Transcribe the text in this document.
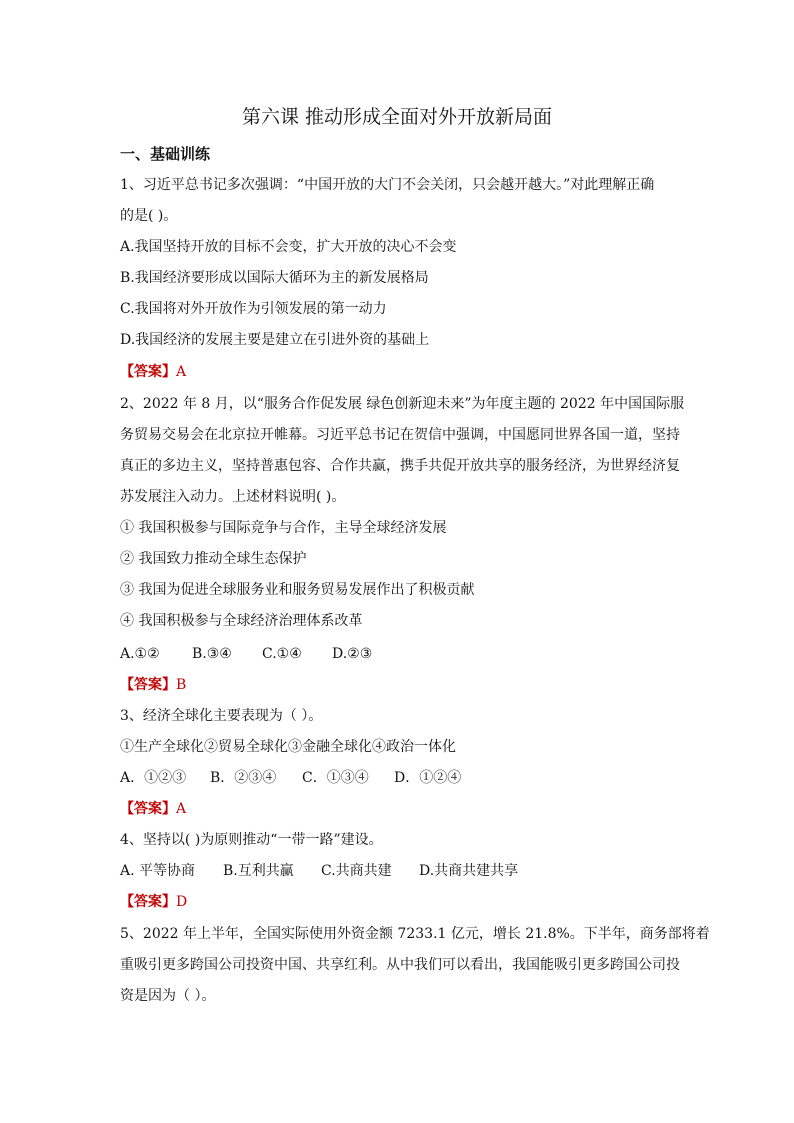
第六课 推动形成全面对外开放新局面
一、基础训练
1、习近平总书记多次强调：“中国开放的大门不会关闭，只会越开越大。”对此理解正确
的是( )。
A.我国坚持开放的目标不会变，扩大开放的决心不会变
B.我国经济要形成以国际大循环为主的新发展格局
C.我国将对外开放作为引领发展的第一动力
D.我国经济的发展主要是建立在引进外资的基础上
【答案】A
2、2022 年 8 月，以“服务合作促发展 绿色创新迎未来”为年度主题的 2022 年中国国际服
务贸易交易会在北京拉开帷幕。习近平总书记在贺信中强调，中国愿同世界各国一道，坚持
真正的多边主义，坚持普惠包容、合作共赢，携手共促开放共享的服务经济，为世界经济复
苏发展注入动力。上述材料说明( )。
① 我国积极参与国际竞争与合作，主导全球经济发展
② 我国致力推动全球生态保护
③ 我国为促进全球服务业和服务贸易发展作出了积极贡献
④ 我国积极参与全球经济治理体系改革
A.①② B.③④ C.①④ D.②③
【答案】B
3、经济全球化主要表现为（ ）。
①生产全球化②贸易全球化③金融全球化④政治一体化
A．①②③ B．②③④ C．①③④ D．①②④
【答案】A
4、坚持以( )为原则推动“一带一路”建设。
A. 平等协商 B.互利共赢 C.共商共建 D.共商共建共享
【答案】D
5、2022 年上半年，全国实际使用外资金额 7233.1 亿元，增长 21.8%。下半年，商务部将着
重吸引更多跨国公司投资中国、共享红利。从中我们可以看出，我国能吸引更多跨国公司投
资是因为（ ）。
